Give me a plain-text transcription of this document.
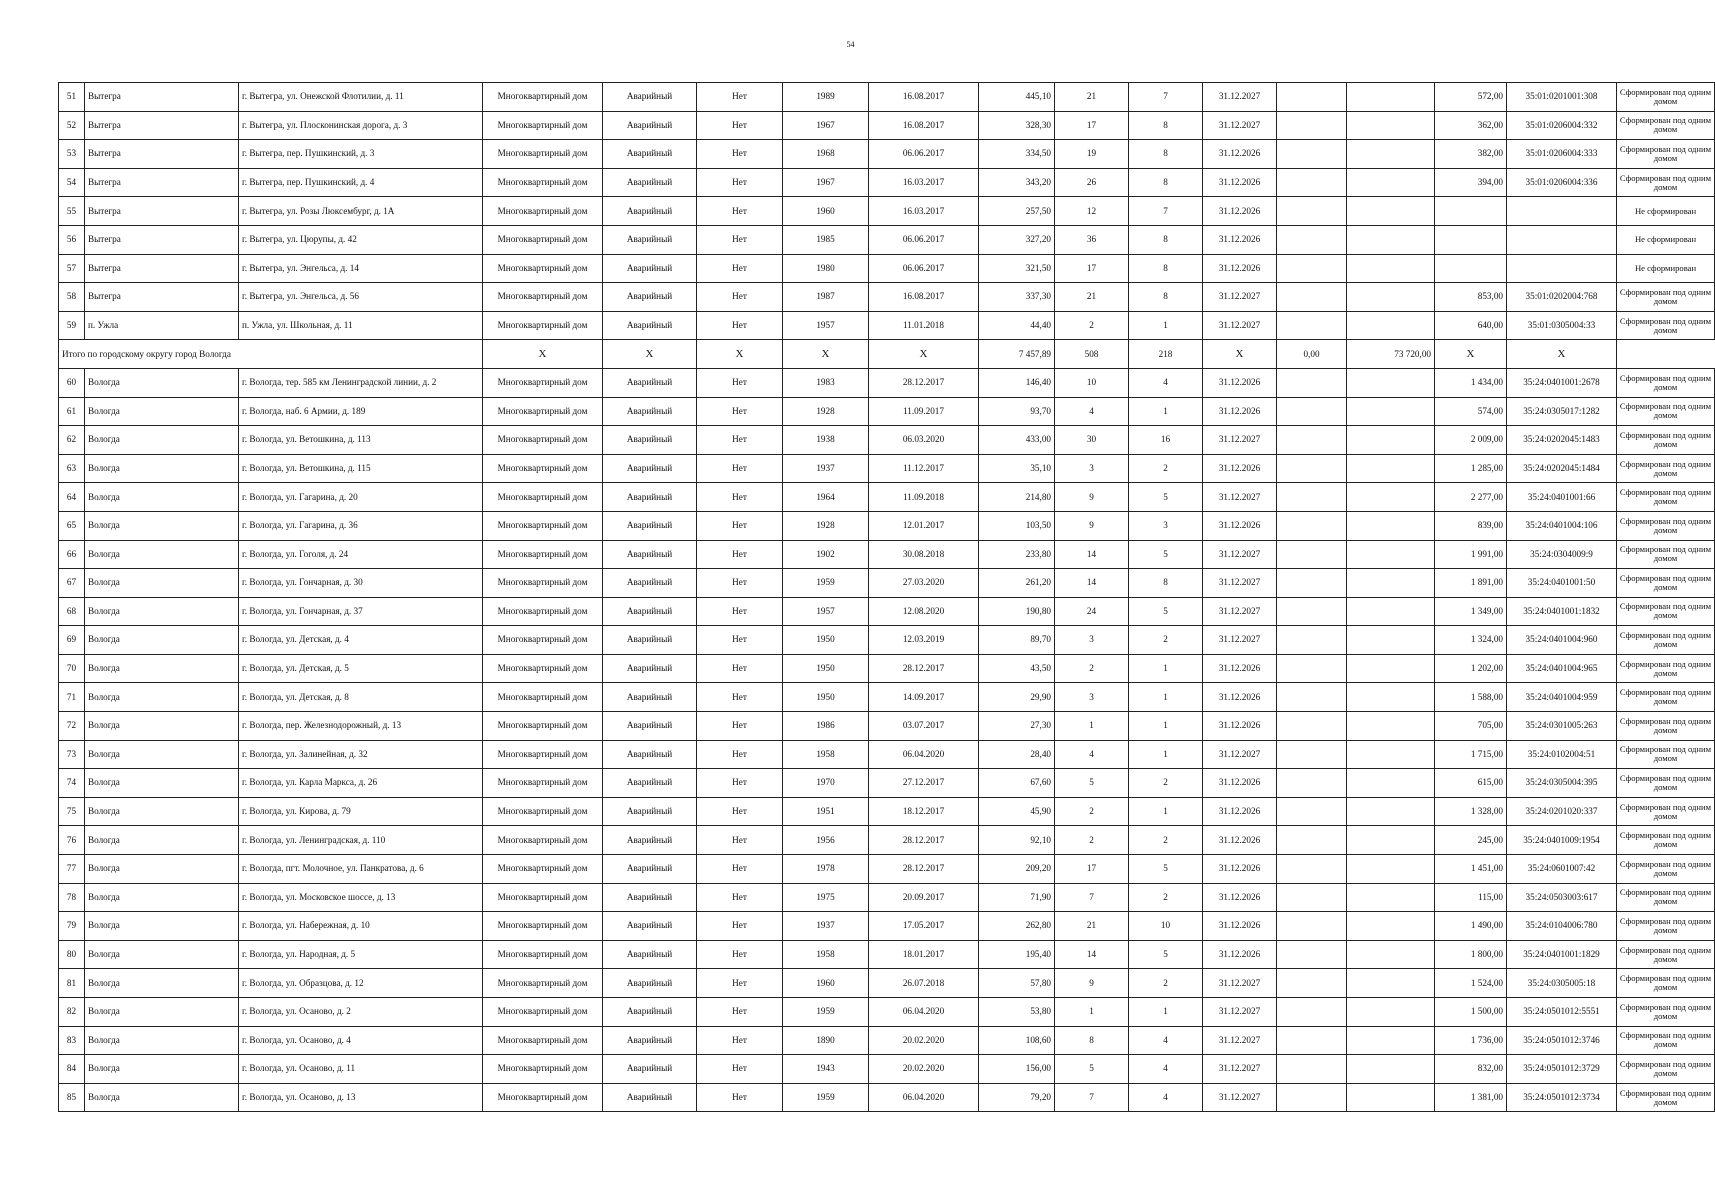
54
51	Вытегра	г. Вытегра, ул. Онежской Флотилии, д. 11	Многоквартирный дом	Аварийный	Нет	1989	16.08.2017	445,10	21	7	31.12.2027			572,00	35:01:0201001:308	Сформирован под одним домом
52	Вытегра	г. Вытегра, ул. Плосконинская дорога, д. 3	Многоквартирный дом	Аварийный	Нет	1967	16.08.2017	328,30	17	8	31.12.2027			362,00	35:01:0206004:332	Сформирован под одним домом
53	Вытегра	г. Вытегра, пер. Пушкинский, д. 3	Многоквартирный дом	Аварийный	Нет	1968	06.06.2017	334,50	19	8	31.12.2026			382,00	35:01:0206004:333	Сформирован под одним домом
54	Вытегра	г. Вытегра, пер. Пушкинский, д. 4	Многоквартирный дом	Аварийный	Нет	1967	16.03.2017	343,20	26	8	31.12.2026			394,00	35:01:0206004:336	Сформирован под одним домом
55	Вытегра	г. Вытегра, ул. Розы Люксембург, д. 1А	Многоквартирный дом	Аварийный	Нет	1960	16.03.2017	257,50	12	7	31.12.2026					Не сформирован
56	Вытегра	г. Вытегра, ул. Цюрупы, д. 42	Многоквартирный дом	Аварийный	Нет	1985	06.06.2017	327,20	36	8	31.12.2026					Не сформирован
57	Вытегра	г. Вытегра, ул. Энгельса, д. 14	Многоквартирный дом	Аварийный	Нет	1980	06.06.2017	321,50	17	8	31.12.2026					Не сформирован
58	Вытегра	г. Вытегра, ул. Энгельса, д. 56	Многоквартирный дом	Аварийный	Нет	1987	16.08.2017	337,30	21	8	31.12.2027			853,00	35:01:0202004:768	Сформирован под одним домом
59	п. Ужла	п. Ужла, ул. Школьная, д. 11	Многоквартирный дом	Аварийный	Нет	1957	11.01.2018	44,40	2	1	31.12.2027			640,00	35:01:0305004:33	Сформирован под одним домом
Итого по городскому округу город Вологда			X	X	X	X	X	7 457,89	508	218	X	0,00	73 720,00	X	X	
60	Вологда	г. Вологда, тер. 585 км Ленинградской линии, д. 2	Многоквартирный дом	Аварийный	Нет	1983	28.12.2017	146,40	10	4	31.12.2026			1 434,00	35:24:0401001:2678	Сформирован под одним домом
61	Вологда	г. Вологда, наб. 6 Армии, д. 189	Многоквартирный дом	Аварийный	Нет	1928	11.09.2017	93,70	4	1	31.12.2026			574,00	35:24:0305017:1282	Сформирован под одним домом
62	Вологда	г. Вологда, ул. Ветошкина, д. 113	Многоквартирный дом	Аварийный	Нет	1938	06.03.2020	433,00	30	16	31.12.2027			2 009,00	35:24:0202045:1483	Сформирован под одним домом
63	Вологда	г. Вологда, ул. Ветошкина, д. 115	Многоквартирный дом	Аварийный	Нет	1937	11.12.2017	35,10	3	2	31.12.2026			1 285,00	35:24:0202045:1484	Сформирован под одним домом
64	Вологда	г. Вологда, ул. Гагарина, д. 20	Многоквартирный дом	Аварийный	Нет	1964	11.09.2018	214,80	9	5	31.12.2027			2 277,00	35:24:0401001:66	Сформирован под одним домом
65	Вологда	г. Вологда, ул. Гагарина, д. 36	Многоквартирный дом	Аварийный	Нет	1928	12.01.2017	103,50	9	3	31.12.2026			839,00	35:24:0401004:106	Сформирован под одним домом
66	Вологда	г. Вологда, ул. Гоголя, д. 24	Многоквартирный дом	Аварийный	Нет	1902	30.08.2018	233,80	14	5	31.12.2027			1 991,00	35:24:0304009:9	Сформирован под одним домом
67	Вологда	г. Вологда, ул. Гончарная, д. 30	Многоквартирный дом	Аварийный	Нет	1959	27.03.2020	261,20	14	8	31.12.2027			1 891,00	35:24:0401001:50	Сформирован под одним домом
68	Вологда	г. Вологда, ул. Гончарная, д. 37	Многоквартирный дом	Аварийный	Нет	1957	12.08.2020	190,80	24	5	31.12.2027			1 349,00	35:24:0401001:1832	Сформирован под одним домом
69	Вологда	г. Вологда, ул. Детская, д. 4	Многоквартирный дом	Аварийный	Нет	1950	12.03.2019	89,70	3	2	31.12.2027			1 324,00	35:24:0401004:960	Сформирован под одним домом
70	Вологда	г. Вологда, ул. Детская, д. 5	Многоквартирный дом	Аварийный	Нет	1950	28.12.2017	43,50	2	1	31.12.2026			1 202,00	35:24:0401004:965	Сформирован под одним домом
71	Вологда	г. Вологда, ул. Детская, д. 8	Многоквартирный дом	Аварийный	Нет	1950	14.09.2017	29,90	3	1	31.12.2026			1 588,00	35:24:0401004:959	Сформирован под одним домом
72	Вологда	г. Вологда, пер. Железнодорожный, д. 13	Многоквартирный дом	Аварийный	Нет	1986	03.07.2017	27,30	1	1	31.12.2026			705,00	35:24:0301005:263	Сформирован под одним домом
73	Вологда	г. Вологда, ул. Залинейная, д. 32	Многоквартирный дом	Аварийный	Нет	1958	06.04.2020	28,40	4	1	31.12.2027			1 715,00	35:24:0102004:51	Сформирован под одним домом
74	Вологда	г. Вологда, ул. Карла Маркса, д. 26	Многоквартирный дом	Аварийный	Нет	1970	27.12.2017	67,60	5	2	31.12.2026			615,00	35:24:0305004:395	Сформирован под одним домом
75	Вологда	г. Вологда, ул. Кирова, д. 79	Многоквартирный дом	Аварийный	Нет	1951	18.12.2017	45,90	2	1	31.12.2026			1 328,00	35:24:0201020:337	Сформирован под одним домом
76	Вологда	г. Вологда, ул. Ленинградская, д. 110	Многоквартирный дом	Аварийный	Нет	1956	28.12.2017	92,10	2	2	31.12.2026			245,00	35:24:0401009:1954	Сформирован под одним домом
77	Вологда	г. Вологда, пгт. Молочное, ул. Панкратова, д. 6	Многоквартирный дом	Аварийный	Нет	1978	28.12.2017	209,20	17	5	31.12.2026			1 451,00	35:24:0601007:42	Сформирован под одним домом
78	Вологда	г. Вологда, ул. Московское шоссе, д. 13	Многоквартирный дом	Аварийный	Нет	1975	20.09.2017	71,90	7	2	31.12.2026			115,00	35:24:0503003:617	Сформирован под одним домом
79	Вологда	г. Вологда, ул. Набережная, д. 10	Многоквартирный дом	Аварийный	Нет	1937	17.05.2017	262,80	21	10	31.12.2026			1 490,00	35:24:0104006:780	Сформирован под одним домом
80	Вологда	г. Вологда, ул. Народная, д. 5	Многоквартирный дом	Аварийный	Нет	1958	18.01.2017	195,40	14	5	31.12.2026			1 800,00	35:24:0401001:1829	Сформирован под одним домом
81	Вологда	г. Вологда, ул. Образцова, д. 12	Многоквартирный дом	Аварийный	Нет	1960	26.07.2018	57,80	9	2	31.12.2027			1 524,00	35:24:0305005:18	Сформирован под одним домом
82	Вологда	г. Вологда, ул. Осаново, д. 2	Многоквартирный дом	Аварийный	Нет	1959	06.04.2020	53,80	1	1	31.12.2027			1 500,00	35:24:0501012:5551	Сформирован под одним домом
83	Вологда	г. Вологда, ул. Осаново, д. 4	Многоквартирный дом	Аварийный	Нет	1890	20.02.2020	108,60	8	4	31.12.2027			1 736,00	35:24:0501012:3746	Сформирован под одним домом
84	Вологда	г. Вологда, ул. Осаново, д. 11	Многоквартирный дом	Аварийный	Нет	1943	20.02.2020	156,00	5	4	31.12.2027			832,00	35:24:0501012:3729	Сформирован под одним домом
85	Вологда	г. Вологда, ул. Осаново, д. 13	Многоквартирный дом	Аварийный	Нет	1959	06.04.2020	79,20	7	4	31.12.2027			1 381,00	35:24:0501012:3734	Сформирован под одним домом
